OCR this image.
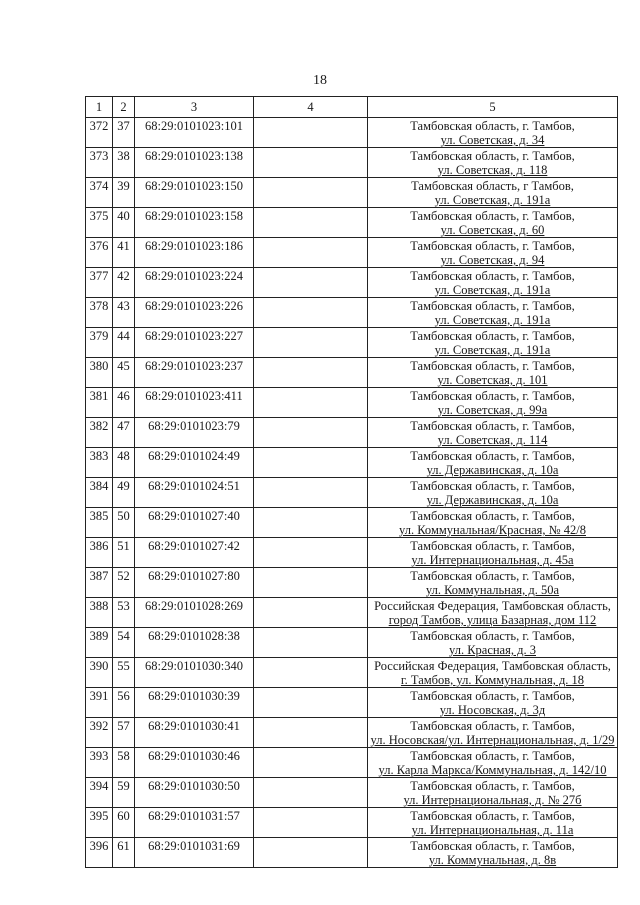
18
1	2	3	4	5
372	37	68:29:0101023:101		Тамбовская область, г. Тамбов,
ул. Советская, д. 34

373	38	68:29:0101023:138		Тамбовская область, г. Тамбов,
ул. Советская, д. 118

374	39	68:29:0101023:150		Тамбовская область, г Тамбов,
ул. Советская, д. 191а

375	40	68:29:0101023:158		Тамбовская область, г. Тамбов,
ул. Советская, д. 60

376	41	68:29:0101023:186		Тамбовская область, г. Тамбов,
ул. Советская, д. 94

377	42	68:29:0101023:224		Тамбовская область, г. Тамбов,
ул. Советская, д. 191а

378	43	68:29:0101023:226		Тамбовская область, г. Тамбов,
ул. Советская, д. 191а

379	44	68:29:0101023:227		Тамбовская область, г. Тамбов,
ул. Советская, д. 191а

380	45	68:29:0101023:237		Тамбовская область, г. Тамбов,
ул. Советская, д. 101

381	46	68:29:0101023:411		Тамбовская область, г. Тамбов,
ул. Советская, д. 99а

382	47	68:29:0101023:79		Тамбовская область, г. Тамбов,
ул. Советская, д. 114

383	48	68:29:0101024:49		Тамбовская область, г. Тамбов,
ул. Державинская, д. 10а

384	49	68:29:0101024:51		Тамбовская область, г. Тамбов,
ул. Державинская, д. 10а

385	50	68:29:0101027:40		Тамбовская область, г. Тамбов,
ул. Коммунальная/Красная, № 42/8

386	51	68:29:0101027:42		Тамбовская область, г. Тамбов,
ул. Интернациональная, д. 45а

387	52	68:29:0101027:80		Тамбовская область, г. Тамбов,
ул. Коммунальная, д. 50а

388	53	68:29:0101028:269		Российская Федерация, Тамбовская область,
город Тамбов, улица Базарная, дом 112

389	54	68:29:0101028:38		Тамбовская область, г. Тамбов,
ул. Красная, д. 3

390	55	68:29:0101030:340		Российская Федерация, Тамбовская область,
г. Тамбов, ул. Коммунальная, д. 18

391	56	68:29:0101030:39		Тамбовская область, г. Тамбов,
ул. Носовская, д. 3д

392	57	68:29:0101030:41		Тамбовская область, г. Тамбов,
ул. Носовская/ул. Интернациональная, д. 1/29

393	58	68:29:0101030:46		Тамбовская область, г. Тамбов,
ул. Карла Маркса/Коммунальная, д. 142/10

394	59	68:29:0101030:50		Тамбовская область, г. Тамбов,
ул. Интернациональная, д. № 27б

395	60	68:29:0101031:57		Тамбовская область, г. Тамбов,
ул. Интернациональная, д. 11а

396	61	68:29:0101031:69		Тамбовская область, г. Тамбов,
ул. Коммунальная, д. 8в
